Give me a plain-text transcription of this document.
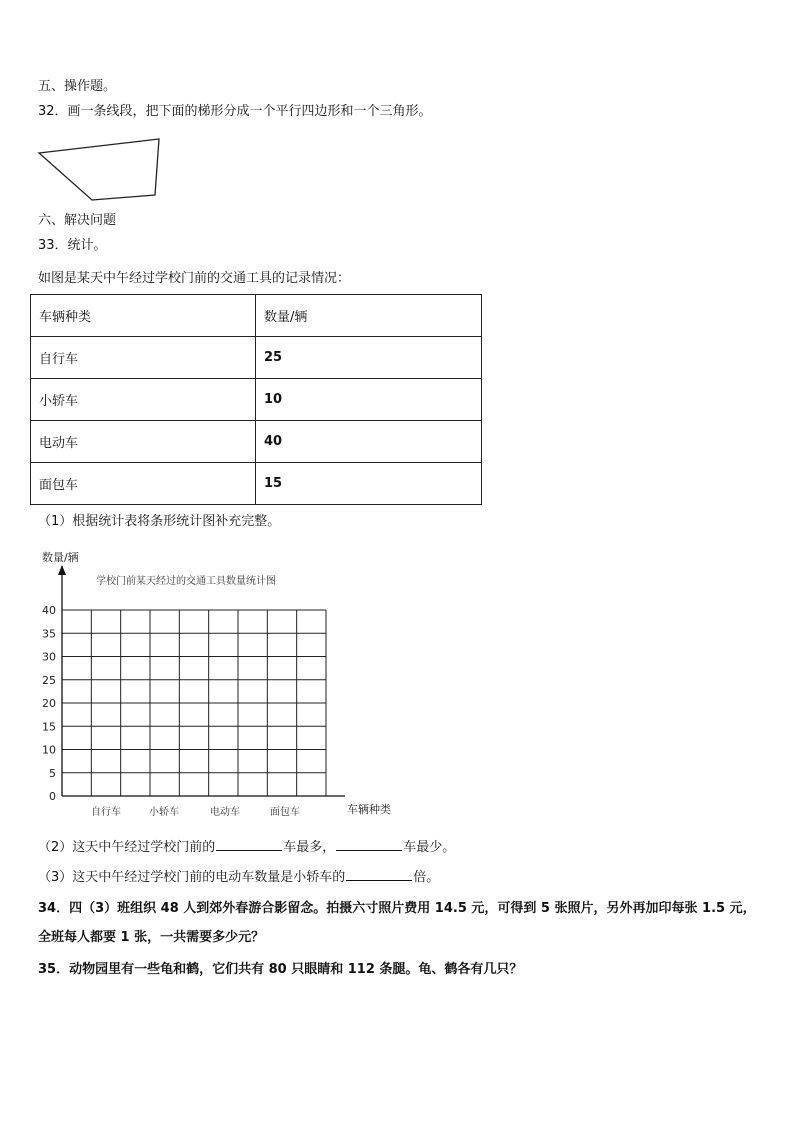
五、操作题。
32．画一条线段，把下面的梯形分成一个平行四边形和一个三角形。
六、解决问题
33．统计。
如图是某天中午经过学校门前的交通工具的记录情况：
车辆种类	数量/辆
自行车	25
小轿车	10
电动车	40
面包车	15
（1）根据统计表将条形统计图补充完整。
数量/辆
学校门前某天经过的交通工具数量统计图
车辆种类
0
5
10
15
20
25
30
35
40
自行车	小轿车	电动车	面包车
（2）这天中午经过学校门前的	车最多，	车最少。
（3）这天中午经过学校门前的电动车数量是小轿车的	倍。
34．四（3）班组织 48 人到郊外春游合影留念。拍摄六寸照片费用 14.5 元，可得到 5 张照片，另外再加印每张 1.5 元，
全班每人都要 1 张，一共需要多少元？
35．动物园里有一些龟和鹤，它们共有 80 只眼睛和 112 条腿。龟、鹤各有几只？
